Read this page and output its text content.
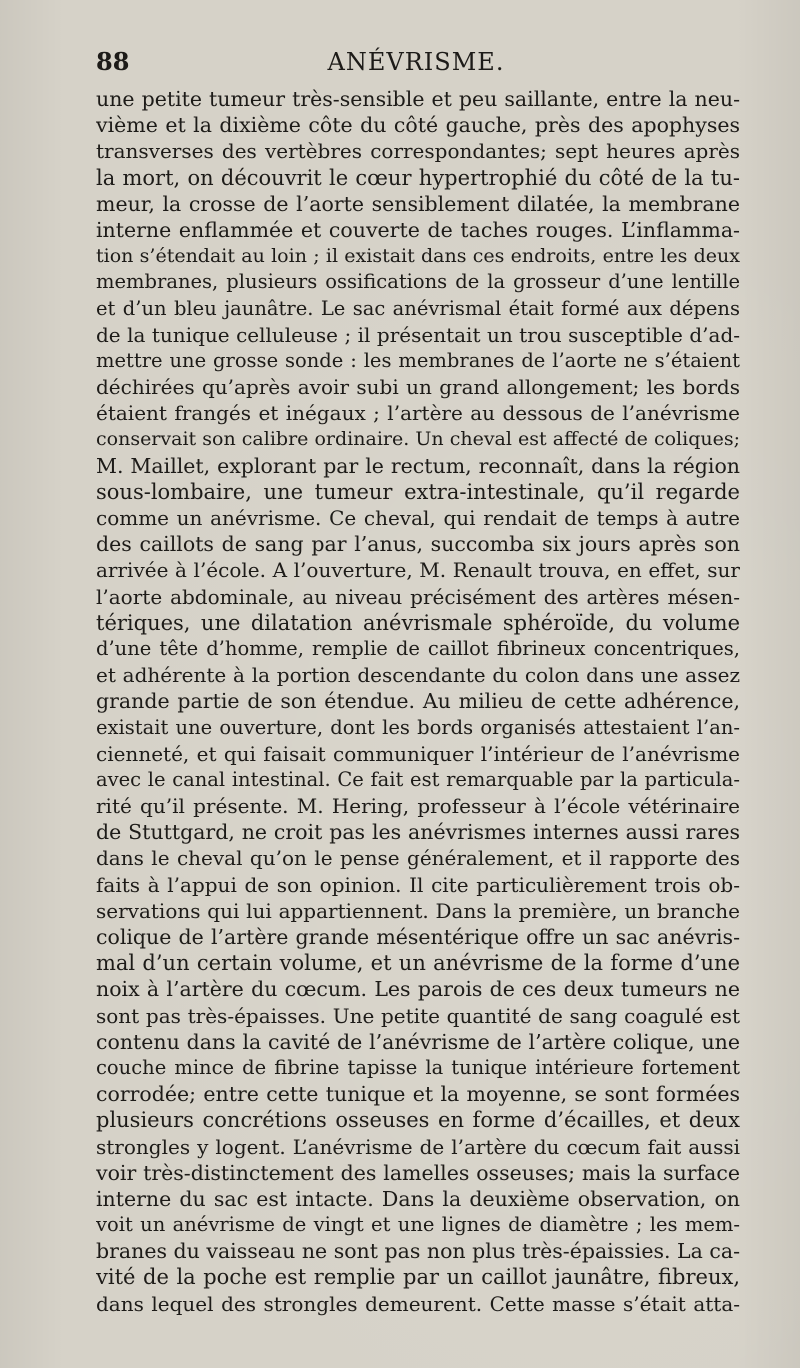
88	ANÉVRISME.
une petite tumeur très-sensible et peu saillante, entre la neu-
vième et la dixième côte du côté gauche, près des apophyses
transverses des vertèbres correspondantes; sept heures après
la mort, on découvrit le cœur hypertrophié du côté de la tu-
meur, la crosse de l’aorte sensiblement dilatée, la membrane
interne enflammée et couverte de taches rouges. L’inflamma-
tion s’étendait au loin ; il existait dans ces endroits, entre les deux
membranes, plusieurs ossifications de la grosseur d’une lentille
et d’un bleu jaunâtre. Le sac anévrismal était formé aux dépens
de la tunique celluleuse ; il présentait un trou susceptible d’ad-
mettre une grosse sonde : les membranes de l’aorte ne s’étaient
déchirées qu’après avoir subi un grand allongement; les bords
étaient frangés et inégaux ; l’artère au dessous de l’anévrisme
conservait son calibre ordinaire. Un cheval est affecté de coliques;
M. Maillet, explorant par le rectum, reconnaît, dans la région
sous-lombaire, une tumeur extra-intestinale, qu’il regarde
comme un anévrisme. Ce cheval, qui rendait de temps à autre
des caillots de sang par l’anus, succomba six jours après son
arrivée à l’école. A l’ouverture, M. Renault trouva, en effet, sur
l’aorte abdominale, au niveau précisément des artères mésen-
tériques, une dilatation anévrismale sphéroïde, du volume
d’une tête d’homme, remplie de caillot fibrineux concentriques,
et adhérente à la portion descendante du colon dans une assez
grande partie de son étendue. Au milieu de cette adhérence,
existait une ouverture, dont les bords organisés attestaient l’an-
cienneté, et qui faisait communiquer l’intérieur de l’anévrisme
avec le canal intestinal. Ce fait est remarquable par la particula-
rité qu’il présente. M. Hering, professeur à l’école vétérinaire
de Stuttgard, ne croit pas les anévrismes internes aussi rares
dans le cheval qu’on le pense généralement, et il rapporte des
faits à l’appui de son opinion. Il cite particulièrement trois ob-
servations qui lui appartiennent. Dans la première, un branche
colique de l’artère grande mésentérique offre un sac anévris-
mal d’un certain volume, et un anévrisme de la forme d’une
noix à l’artère du cœcum. Les parois de ces deux tumeurs ne
sont pas très-épaisses. Une petite quantité de sang coagulé est
contenu dans la cavité de l’anévrisme de l’artère colique, une
couche mince de fibrine tapisse la tunique intérieure fortement
corrodée; entre cette tunique et la moyenne, se sont formées
plusieurs concrétions osseuses en forme d’écailles, et deux
strongles y logent. L’anévrisme de l’artère du cœcum fait aussi
voir très-distinctement des lamelles osseuses; mais la surface
interne du sac est intacte. Dans la deuxième observation, on
voit un anévrisme de vingt et une lignes de diamètre ; les mem-
branes du vaisseau ne sont pas non plus très-épaissies. La ca-
vité de la poche est remplie par un caillot jaunâtre, fibreux,
dans lequel des strongles demeurent. Cette masse s’était atta-
